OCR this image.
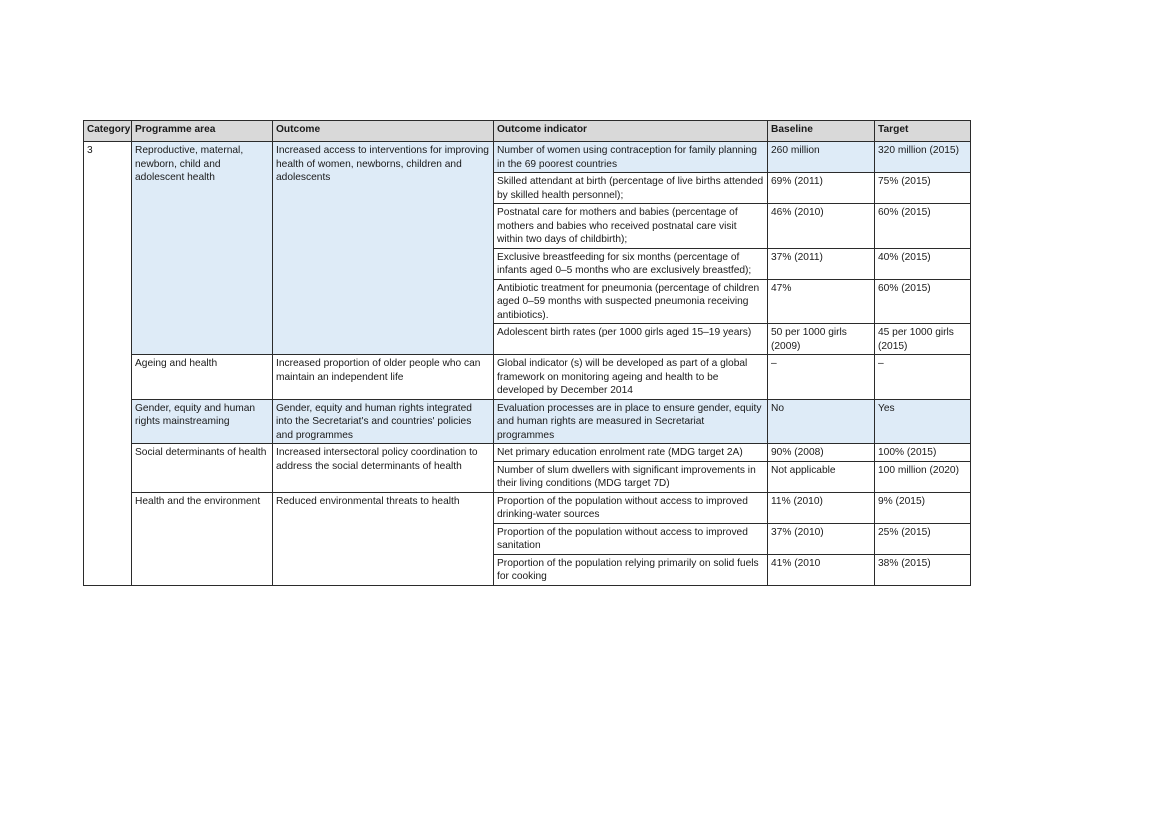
Category	Programme area	Outcome	Outcome indicator	Baseline	Target
3	Reproductive, maternal, newborn, child and adolescent health	Increased access to interventions for improving health of women, newborns, children and adolescents	Number of women using contraception for family planning in the 69 poorest countries	260 million	320 million (2015)
			Skilled attendant at birth (percentage of live births attended by skilled health personnel);	69% (2011)	75% (2015)
			Postnatal care for mothers and babies (percentage of mothers and babies who received postnatal care visit within two days of childbirth);	46% (2010)	60% (2015)
			Exclusive breastfeeding for six months (percentage of infants aged 0–5 months who are exclusively breastfed);	37% (2011)	40% (2015)
			Antibiotic treatment for pneumonia (percentage of children aged 0–59 months with suspected pneumonia receiving antibiotics).	47%	60% (2015)
			Adolescent birth rates (per 1000 girls aged 15–19 years)	50 per 1000 girls (2009)	45 per 1000 girls (2015)
	Ageing and health	Increased proportion of older people who can maintain an independent life	Global indicator (s) will be developed as part of a global framework on monitoring ageing and health to be developed by December 2014	–	–
	Gender, equity and human rights mainstreaming	Gender, equity and human rights integrated into the Secretariat's and countries' policies and programmes	Evaluation processes are in place to ensure gender, equity and human rights are measured in Secretariat programmes	No	Yes
	Social determinants of health	Increased intersectoral policy coordination to address the social determinants of health	Net primary education enrolment rate (MDG target 2A)	90% (2008)	100% (2015)
			Number of slum dwellers with significant improvements in their living conditions (MDG target 7D)	Not applicable	100 million (2020)
	Health and the environment	Reduced environmental threats to health	Proportion of the population without access to improved drinking-water sources	11% (2010)	9% (2015)
			Proportion of the population without access to improved sanitation	37% (2010)	25% (2015)
			Proportion of the population relying primarily on solid fuels for cooking	41% (2010	38% (2015)
